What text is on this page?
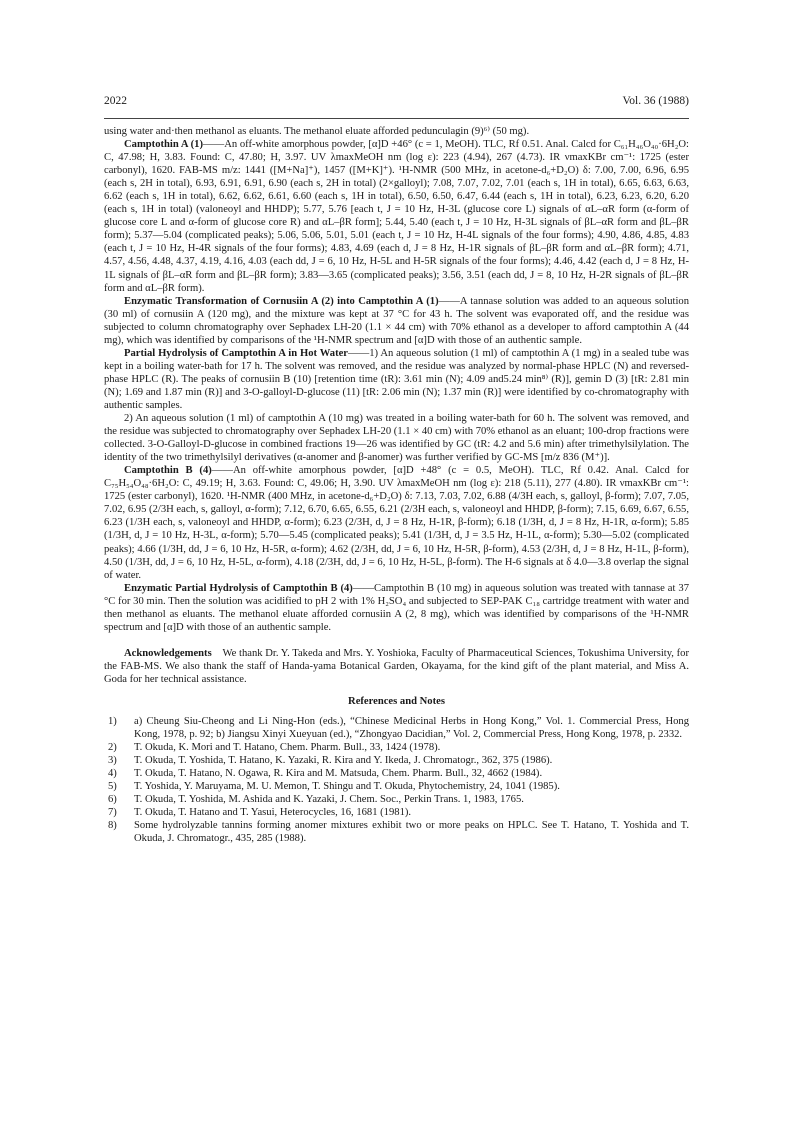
2022	Vol. 36 (1988)

using water and·then methanol as eluants. The methanol eluate afforded pedunculagin (9)⁶⁾ (50 mg).

Camptothin A (1)——An off-white amorphous powder, [α]D +46° (c = 1, MeOH). TLC, Rf 0.51. Anal. Calcd for C₆₁H₄₆O₄₀·6H₂O: C, 47.98; H, 3.83. Found: C, 47.80; H, 3.97. UV λmaxMeOH nm (log ε): 223 (4.94), 267 (4.73). IR νmaxKBr cm⁻¹: 1725 (ester carbonyl), 1620. FAB-MS m/z: 1441 ([M+Na]⁺), 1457 ([M+K]⁺). ¹H-NMR (500 MHz, in acetone-d₆+D₂O) δ: 7.00, 7.00, 6.96, 6.95 (each s, 2H in total), 6.93, 6.91, 6.91, 6.90 (each s, 2H in total) (2×galloyl); 7.08, 7.07, 7.02, 7.01 (each s, 1H in total), 6.65, 6.63, 6.63, 6.62 (each s, 1H in total), 6.62, 6.62, 6.61, 6.60 (each s, 1H in total), 6.50, 6.50, 6.47, 6.44 (each s, 1H in total), 6.23, 6.23, 6.20, 6.20 (each s, 1H in total) (valoneoyl and HHDP); 5.77, 5.76 [each t, J = 10 Hz, H-3L (glucose core L) signals of αL–αR form (α-form of glucose core L and α-form of glucose core R) and αL–βR form]; 5.44, 5.40 (each t, J = 10 Hz, H-3L signals of βL–αR form and βL–βR form); 5.37—5.04 (complicated peaks); 5.06, 5.06, 5.01, 5.01 (each t, J = 10 Hz, H-4L signals of the four forms); 4.90, 4.86, 4.85, 4.83 (each t, J = 10 Hz, H-4R signals of the four forms); 4.83, 4.69 (each d, J = 8 Hz, H-1R signals of βL–βR form and αL–βR form); 4.71, 4.57, 4.56, 4.48, 4.37, 4.19, 4.16, 4.03 (each dd, J = 6, 10 Hz, H-5L and H-5R signals of the four forms); 4.46, 4.42 (each d, J = 8 Hz, H-1L signals of βL–αR form and βL–βR form); 3.83—3.65 (complicated peaks); 3.56, 3.51 (each dd, J = 8, 10 Hz, H-2R signals of βL–βR form and αL–βR form).

Enzymatic Transformation of Cornusiin A (2) into Camptothin A (1)——A tannase solution was added to an aqueous solution (30 ml) of cornusiin A (120 mg), and the mixture was kept at 37 °C for 43 h. The solvent was evaporated off, and the residue was subjected to column chromatography over Sephadex LH-20 (1.1 × 44 cm) with 70% ethanol as a developer to afford camptothin A (44 mg), which was identified by comparisons of the ¹H-NMR spectrum and [α]D with those of an authentic sample.

Partial Hydrolysis of Camptothin A in Hot Water——1) An aqueous solution (1 ml) of camptothin A (1 mg) in a sealed tube was kept in a boiling water-bath for 17 h. The solvent was removed, and the residue was analyzed by normal-phase HPLC (N) and reversed-phase HPLC (R). The peaks of cornusiin B (10) [retention time (tR): 3.61 min (N); 4.09 and5.24 min⁸⁾ (R)], gemin D (3) [tR: 2.81 min (N); 1.69 and 1.87 min (R)] and 3-O-galloyl-D-glucose (11) [tR: 2.06 min (N); 1.37 min (R)] were identified by co-chromatography with authentic samples.

2) An aqueous solution (1 ml) of camptothin A (10 mg) was treated in a boiling water-bath for 60 h. The solvent was removed, and the residue was subjected to chromatography over Sephadex LH-20 (1.1 × 40 cm) with 70% ethanol as an eluant; 100-drop fractions were collected. 3-O-Galloyl-D-glucose in combined fractions 19—26 was identified by GC (tR: 4.2 and 5.6 min) after trimethylsilylation. The identity of the two trimethylsilyl derivatives (α-anomer and β-anomer) was further verified by GC-MS [m/z 836 (M⁺)].

Camptothin B (4)——An off-white amorphous powder, [α]D +48° (c = 0.5, MeOH). TLC, Rf 0.42. Anal. Calcd for C₇₅H₅₄O₄₈·6H₂O: C, 49.19; H, 3.63. Found: C, 49.06; H, 3.90. UV λmaxMeOH nm (log ε): 218 (5.11), 277 (4.80). IR νmaxKBr cm⁻¹: 1725 (ester carbonyl), 1620. ¹H-NMR (400 MHz, in acetone-d₆+D₂O) δ: 7.13, 7.03, 7.02, 6.88 (4/3H each, s, galloyl, β-form); 7.07, 7.05, 7.02, 6.95 (2/3H each, s, galloyl, α-form); 7.12, 6.70, 6.65, 6.55, 6.21 (2/3H each, s, valoneoyl and HHDP, β-form); 7.15, 6.69, 6.67, 6.55, 6.23 (1/3H each, s, valoneoyl and HHDP, α-form); 6.23 (2/3H, d, J = 8 Hz, H-1R, β-form); 6.18 (1/3H, d, J = 8 Hz, H-1R, α-form); 5.85 (1/3H, d, J = 10 Hz, H-3L, α-form); 5.70—5.45 (complicated peaks); 5.41 (1/3H, d, J = 3.5 Hz, H-1L, α-form); 5.30—5.02 (complicated peaks); 4.66 (1/3H, dd, J = 6, 10 Hz, H-5R, α-form); 4.62 (2/3H, dd, J = 6, 10 Hz, H-5R, β-form), 4.53 (2/3H, d, J = 8 Hz, H-1L, β-form), 4.50 (1/3H, dd, J = 6, 10 Hz, H-5L, α-form), 4.18 (2/3H, dd, J = 6, 10 Hz, H-5L, β-form). The H-6 signals at δ 4.0—3.8 overlap the signal of water.

Enzymatic Partial Hydrolysis of Camptothin B (4)——Camptothin B (10 mg) in aqueous solution was treated with tannase at 37 °C for 30 min. Then the solution was acidified to pH 2 with 1% H₂SO₄ and subjected to SEP-PAK C₁₈ cartridge treatment with water and then methanol as eluants. The methanol eluate afforded cornusiin A (2, 8 mg), which was identified by comparisons of the ¹H-NMR spectrum and [α]D with those of an authentic sample.

Acknowledgements We thank Dr. Y. Takeda and Mrs. Y. Yoshioka, Faculty of Pharmaceutical Sciences, Tokushima University, for the FAB-MS. We also thank the staff of Handa-yama Botanical Garden, Okayama, for the kind gift of the plant material, and Miss A. Goda for her technical assistance.

References and Notes

1) a) Cheung Siu-Cheong and Li Ning-Hon (eds.), “Chinese Medicinal Herbs in Hong Kong,” Vol. 1. Commercial Press, Hong Kong, 1978, p. 92; b) Jiangsu Xinyi Xueyuan (ed.), “Zhongyao Dacidian,” Vol. 2, Commercial Press, Hong Kong, 1978, p. 2332.

2) T. Okuda, K. Mori and T. Hatano, Chem. Pharm. Bull., 33, 1424 (1978).

3) T. Okuda, T. Yoshida, T. Hatano, K. Yazaki, R. Kira and Y. Ikeda, J. Chromatogr., 362, 375 (1986).

4) T. Okuda, T. Hatano, N. Ogawa, R. Kira and M. Matsuda, Chem. Pharm. Bull., 32, 4662 (1984).

5) T. Yoshida, Y. Maruyama, M. U. Memon, T. Shingu and T. Okuda, Phytochemistry, 24, 1041 (1985).

6) T. Okuda, T. Yoshida, M. Ashida and K. Yazaki, J. Chem. Soc., Perkin Trans. 1, 1983, 1765.

7) T. Okuda, T. Hatano and T. Yasui, Heterocycles, 16, 1681 (1981).

8) Some hydrolyzable tannins forming anomer mixtures exhibit two or more peaks on HPLC. See T. Hatano, T. Yoshida and T. Okuda, J. Chromatogr., 435, 285 (1988).
